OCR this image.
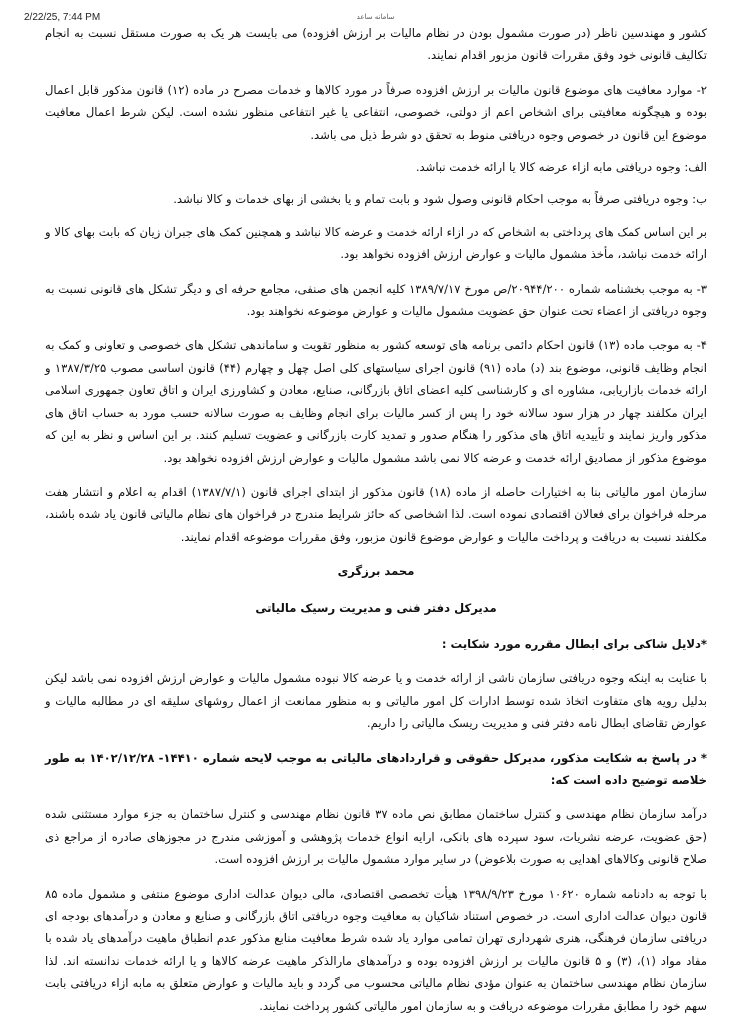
2/22/25, 7:44 PM	سامانه ساعد

کشور و مهندسین ناظر (در صورت مشمول بودن در نظام مالیات بر ارزش افزوده) می بایست هر یک به صورت مستقل نسبت به انجام تکالیف قانونی خود وفق مقررات قانون مزبور اقدام نمایند.

۲- موارد معافیت های موضوع قانون مالیات بر ارزش افزوده صرفاً در مورد کالاها و خدمات مصرح در ماده (۱۲) قانون مذکور قابل اعمال بوده و هیچگونه معافیتی برای اشخاص اعم از دولتی، خصوصی، انتفاعی یا غیر انتفاعی منظور نشده است. لیکن شرط اعمال معافیت موضوع این قانون در خصوص وجوه دریافتی منوط به تحقق دو شرط ذیل می باشد.

الف: وجوه دریافتی مابه ازاء عرضه کالا یا ارائه خدمت نباشد.

ب: وجوه دریافتی صرفاً به موجب احکام قانونی وصول شود و بابت تمام و یا بخشی از بهای خدمات و کالا نباشد.

بر این اساس کمک های پرداختی به اشخاص که در ازاء ارائه خدمت و عرضه کالا نباشد و همچنین کمک های جبران زیان که بابت بهای کالا و ارائه خدمت نباشد، مأخذ مشمول مالیات و عوارض ارزش افزوده نخواهد بود.

۳- به موجب بخشنامه شماره ۲۰۹۴۴/۲۰۰/ص مورخ ۱۳۸۹/۷/۱۷ کلیه انجمن های صنفی، مجامع حرفه ای و دیگر تشکل های قانونی نسبت به وجوه دریافتی از اعضاء تحت عنوان حق عضویت مشمول مالیات و عوارض موضوعه نخواهند بود.

۴- به موجب ماده (۱۳) قانون احکام دائمی برنامه های توسعه کشور به منظور تقویت و ساماندهی تشکل های خصوصی و تعاونی و کمک به انجام وظایف قانونی، موضوع بند (د) ماده (۹۱) قانون اجرای سیاستهای کلی اصل چهل و چهارم (۴۴) قانون اساسی مصوب ۱۳۸۷/۳/۲۵ و ارائه خدمات بازاریابی، مشاوره ای و کارشناسی کلیه اعضای اتاق بازرگانی، صنایع، معادن و کشاورزی ایران و اتاق تعاون جمهوری اسلامی ایران مکلفند چهار در هزار سود سالانه خود را پس از کسر مالیات برای انجام وظایف به صورت سالانه حسب مورد به حساب اتاق های مذکور واریز نمایند و تأییدیه اتاق های مذکور را هنگام صدور و تمدید کارت بازرگانی و عضویت تسلیم کنند. بر این اساس و نظر به این که موضوع مذکور از مصادیق ارائه خدمت و عرضه کالا نمی باشد مشمول مالیات و عوارض ارزش افزوده نخواهد بود.

سازمان امور مالیاتی بنا به اختیارات حاصله از ماده (۱۸) قانون مذکور از ابتدای اجرای قانون (۱۳۸۷/۷/۱) اقدام به اعلام و انتشار هفت مرحله فراخوان برای فعالان اقتصادی نموده است. لذا اشخاصی که حائز شرایط مندرج در فراخوان های نظام مالیاتی قانون یاد شده باشند، مکلفند نسبت به دریافت و پرداخت مالیات و عوارض موضوع قانون مزبور، وفق مقررات موضوعه اقدام نمایند.

محمد برزگری
مدیرکل دفتر فنی و مدیریت رسیک مالیاتی
*دلایل شاکی برای ابطال مقرره مورد شکایت :

با عنایت به اینکه وجوه دریافتی سازمان ناشی از ارائه خدمت و یا عرضه کالا نبوده مشمول مالیات و عوارض ارزش افزوده نمی باشد لیکن بدلیل رویه های متفاوت اتخاذ شده توسط ادارات کل امور مالیاتی و به منظور ممانعت از اعمال روشهای سلیقه ای در مطالبه مالیات و عوارض تقاضای ابطال نامه دفتر فنی و مدیریت ریسک مالیاتی را داریم.

* در پاسخ به شکایت مذکور، مدیرکل حقوقی و قراردادهای مالیاتی به موجب لایحه شماره ۱۴۴۱۰- ۱۴۰۲/۱۲/۲۸ به طور خلاصه توضیح داده است که:

درآمد سازمان نظام مهندسی و کنترل ساختمان مطابق نص ماده ۳۷ قانون نظام مهندسی و کنترل ساختمان به جزء موارد مستثنی شده (حق عضویت، عرضه نشریات، سود سپرده های بانکی، ارایه انواع خدمات پژوهشی و آموزشی مندرج در مجوزهای صادره از مراجع ذی صلاح قانونی وکالاهای اهدایی به صورت بلاعوض) در سایر موارد مشمول مالیات بر ارزش افزوده است.

با توجه به دادنامه شماره ۱۰۶۲۰ مورخ ۱۳۹۸/۹/۲۳ هیأت تخصصی اقتصادی، مالی دیوان عدالت اداری موضوع منتفی و مشمول ماده ۸۵ قانون دیوان عدالت اداری است. در خصوص استناد شاکیان به معافیت وجوه دریافتی اتاق بازرگانی و صنایع و معادن و درآمدهای بودجه ای دریافتی سازمان فرهنگی، هنری شهرداری تهران تمامی موارد یاد شده شرط معافیت منابع مذکور عدم انطباق ماهیت درآمدهای یاد شده با مفاد مواد (۱)، (۳) و ۵ قانون مالیات بر ارزش افزوده بوده و درآمدهای مارالذکر ماهیت عرضه کالاها و یا ارائه خدمات ندانسته اند. لذا سازمان نظام مهندسی ساختمان به عنوان مؤدی نظام مالیاتی محسوب می گردد و باید مالیات و عوارض متعلق به مابه ازاء دریافتی بابت سهم خود را مطابق مقررات موضوعه دریافت و به سازمان امور مالیاتی کشور پرداخت نمایند.
